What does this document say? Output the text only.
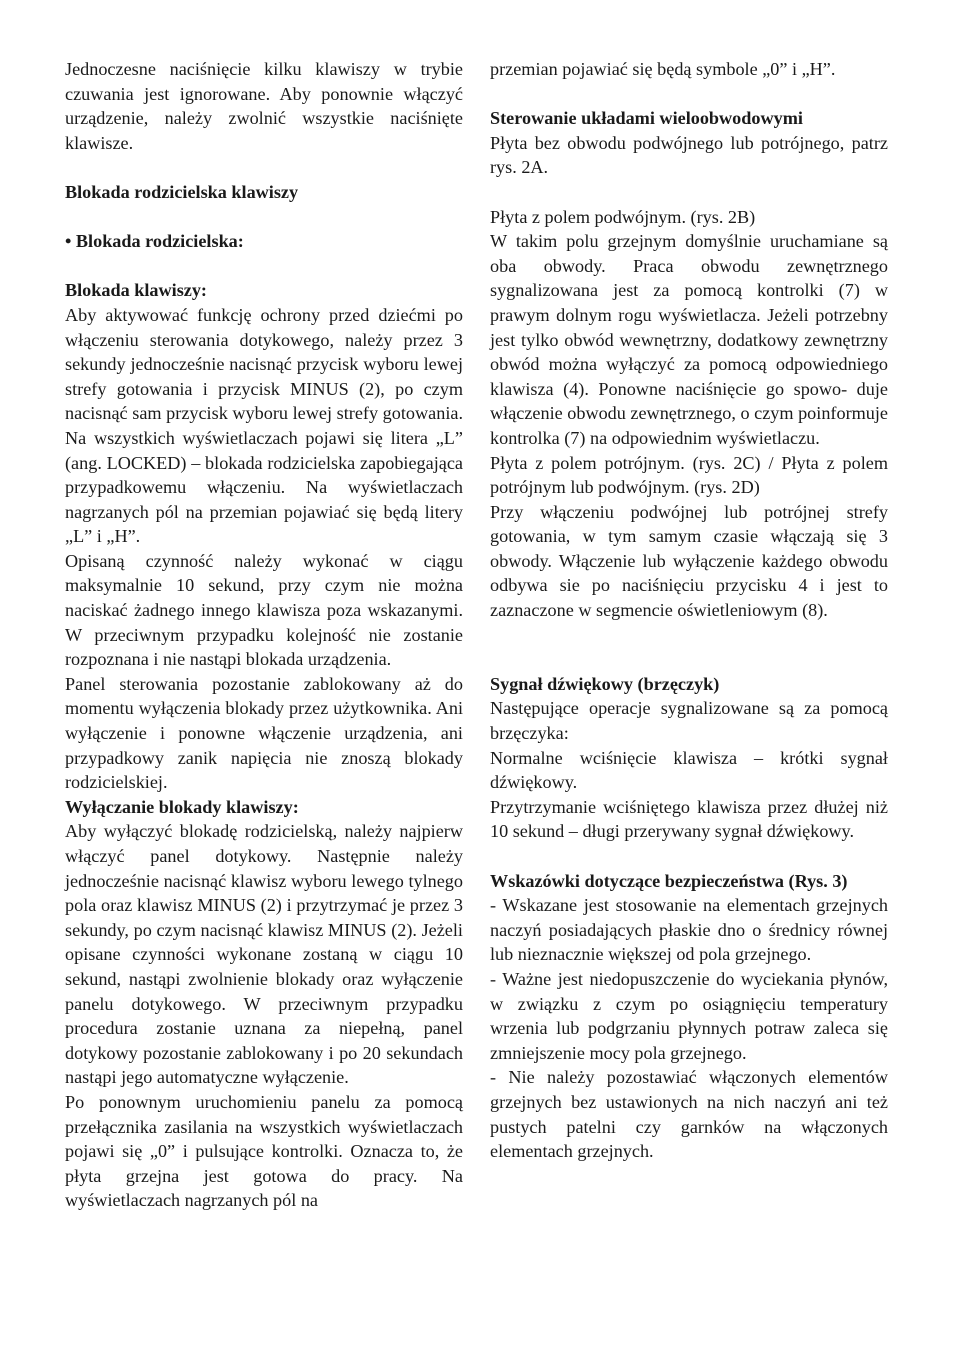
Jednoczesne naciśnięcie kilku klawiszy w trybie czuwania jest ignorowane. Aby ponownie włączyć urządzenie, należy zwolnić wszystkie naciśnięte klawisze.

Blokada rodzicielska klawiszy

• Blokada rodzicielska:

Blokada klawiszy:

Aby aktywować funkcję ochrony przed dziećmi po włączeniu sterowania dotykowego, należy przez 3 sekundy jednocześnie nacisnąć przycisk wyboru lewej strefy gotowania i przycisk MINUS (2), po czym nacisnąć sam przycisk wyboru lewej strefy gotowania. Na wszystkich wyświetlaczach pojawi się litera „L” (ang. LOCKED) – blokada rodzicielska zapobiegająca przypadkowemu włączeniu. Na wyświetlaczach nagrzanych pól na przemian pojawiać się będą litery „L” i „H”.

Opisaną czynność należy wykonać w ciągu maksymalnie 10 sekund, przy czym nie można naciskać żadnego innego klawisza poza wskazanymi. W przeciwnym przypadku kolejność nie zostanie rozpoznana i nie nastąpi blokada urządzenia.

Panel sterowania pozostanie zablokowany aż do momentu wyłączenia blokady przez użytkownika. Ani wyłączenie i ponowne włączenie urządzenia, ani przypadkowy zanik napięcia nie znoszą blokady rodzicielskiej.

Wyłączanie blokady klawiszy:

Aby wyłączyć blokadę rodzicielską, należy najpierw włączyć panel dotykowy. Następnie należy jednocześnie nacisnąć klawisz wyboru lewego tylnego pola oraz klawisz MINUS (2) i przytrzymać je przez 3 sekundy, po czym nacisnąć klawisz MINUS (2). Jeżeli opisane czynności wykonane zostaną w ciągu 10 sekund, nastąpi zwolnienie blokady oraz wyłączenie panelu dotykowego. W przeciwnym przypadku procedura zostanie uznana za niepełną, panel dotykowy pozostanie zablokowany i po 20 sekundach nastąpi jego automatyczne wyłączenie.

Po ponownym uruchomieniu panelu za pomocą przełącznika zasilania na wszystkich wyświetlaczach pojawi się „0” i pulsujące kontrolki. Oznacza to, że płyta grzejna jest gotowa do pracy. Na wyświetlaczach nagrzanych pól na

przemian pojawiać się będą symbole „0” i „H”.

Sterowanie układami wieloobwodowymi

Płyta bez obwodu podwójnego lub potrójnego, patrz rys. 2A.

Płyta z polem podwójnym. (rys. 2B)

W takim polu grzejnym domyślnie uruchamiane są oba obwody. Praca obwodu zewnętrznego sygnalizowana jest za pomocą kontrolki (7) w prawym dolnym rogu wyświetlacza. Jeżeli potrzebny jest tylko obwód wewnętrzny, dodatkowy zewnętrzny obwód można wyłączyć za pomocą odpowiedniego klawisza (4). Ponowne naciśnięcie go spowo- duje włączenie obwodu zewnętrznego, o czym poinformuje kontrolka (7) na odpowiednim wyświetlaczu.

Płyta z polem potrójnym. (rys. 2C) / Płyta z polem potrójnym lub podwójnym. (rys. 2D)

Przy włączeniu podwójnej lub potrójnej strefy gotowania, w tym samym czasie włączają się 3 obwody. Włączenie lub wyłączenie każdego obwodu odbywa sie po naciśnięciu przycisku 4 i jest to zaznaczone w segmencie oświetleniowym (8).

Sygnał dźwiękowy (brzęczyk)

Następujące operacje sygnalizowane są za pomocą brzęczyka:

Normalne wciśnięcie klawisza – krótki sygnał dźwiękowy.

Przytrzymanie wciśniętego klawisza przez dłużej niż 10 sekund – długi przerywany sygnał dźwiękowy.

Wskazówki dotyczące bezpieczeństwa (Rys. 3)

- Wskazane jest stosowanie na elementach grzejnych naczyń posiadających płaskie dno o średnicy równej lub nieznacznie większej od pola grzejnego.

- Ważne jest niedopuszczenie do wyciekania płynów, w związku z czym po osiągnięciu temperatury wrzenia lub podgrzaniu płynnych potraw zaleca się zmniejszenie mocy pola grzejnego.

- Nie należy pozostawiać włączonych elementów grzejnych bez ustawionych na nich naczyń ani też pustych patelni czy garnków na włączonych elementach grzejnych.
